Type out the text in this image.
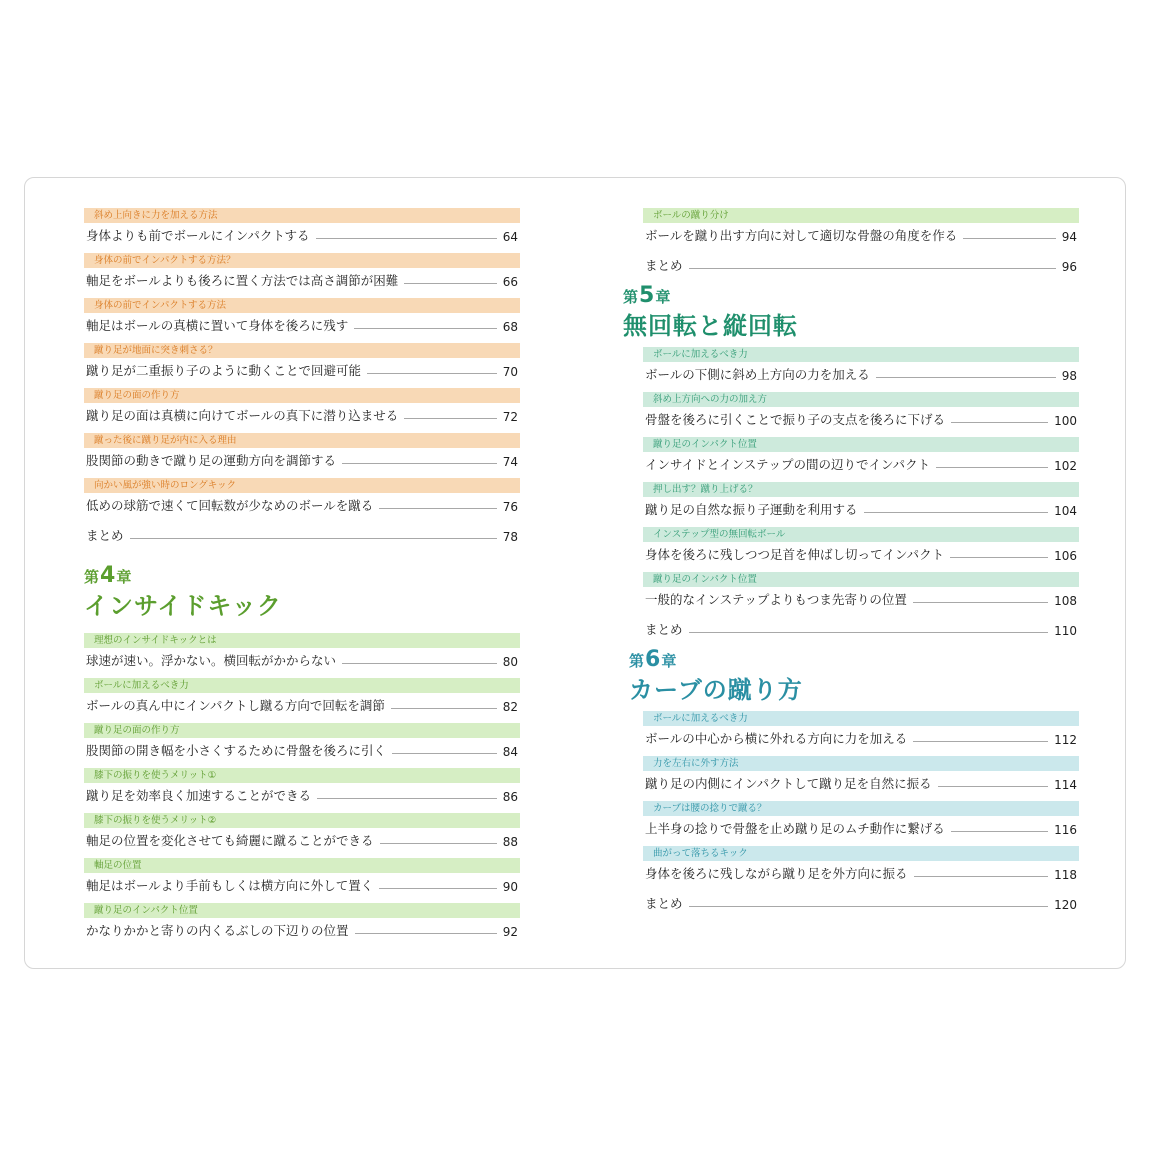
斜め上向きに力を加える方法
身体よりも前でボールにインパクトする	64
身体の前でインパクトする方法？
軸足をボールよりも後ろに置く方法では高さ調節が困難	66
身体の前でインパクトする方法
軸足はボールの真横に置いて身体を後ろに残す	68
蹴り足が地面に突き刺さる？
蹴り足が二重振り子のように動くことで回避可能	70
蹴り足の面の作り方
蹴り足の面は真横に向けてボールの真下に潜り込ませる	72
蹴った後に蹴り足が内に入る理由
股関節の動きで蹴り足の運動方向を調節する	74
向かい風が強い時のロングキック
低めの球筋で速くて回転数が少なめのボールを蹴る	76
まとめ	78
第 4 章
インサイドキック
理想のインサイドキックとは
球速が速い。浮かない。横回転がかからない	80
ボールに加えるべき力
ボールの真ん中にインパクトし蹴る方向で回転を調節	82
蹴り足の面の作り方
股関節の開き幅を小さくするために骨盤を後ろに引く	84
膝下の振りを使うメリット①
蹴り足を効率良く加速することができる	86
膝下の振りを使うメリット②
軸足の位置を変化させても綺麗に蹴ることができる	88
軸足の位置
軸足はボールより手前もしくは横方向に外して置く	90
蹴り足のインパクト位置
かなりかかと寄りの内くるぶしの下辺りの位置	92
ボールの蹴り分け
ボールを蹴り出す方向に対して適切な骨盤の角度を作る	94
まとめ	96
第 5 章
無回転と縦回転
ボールに加えるべき力
ボールの下側に斜め上方向の力を加える	98
斜め上方向への力の加え方
骨盤を後ろに引くことで振り子の支点を後ろに下げる	100
蹴り足のインパクト位置
インサイドとインステップの間の辺りでインパクト	102
押し出す？蹴り上げる？
蹴り足の自然な振り子運動を利用する	104
インステップ型の無回転ボール
身体を後ろに残しつつ足首を伸ばし切ってインパクト	106
蹴り足のインパクト位置
一般的なインステップよりもつま先寄りの位置	108
まとめ	110
第 6 章
カーブの蹴り方
ボールに加えるべき力
ボールの中心から横に外れる方向に力を加える	112
力を左右に外す方法
蹴り足の内側にインパクトして蹴り足を自然に振る	114
カーブは腰の捻りで蹴る？
上半身の捻りで骨盤を止め蹴り足のムチ動作に繋げる	116
曲がって落ちるキック
身体を後ろに残しながら蹴り足を外方向に振る	118
まとめ	120
